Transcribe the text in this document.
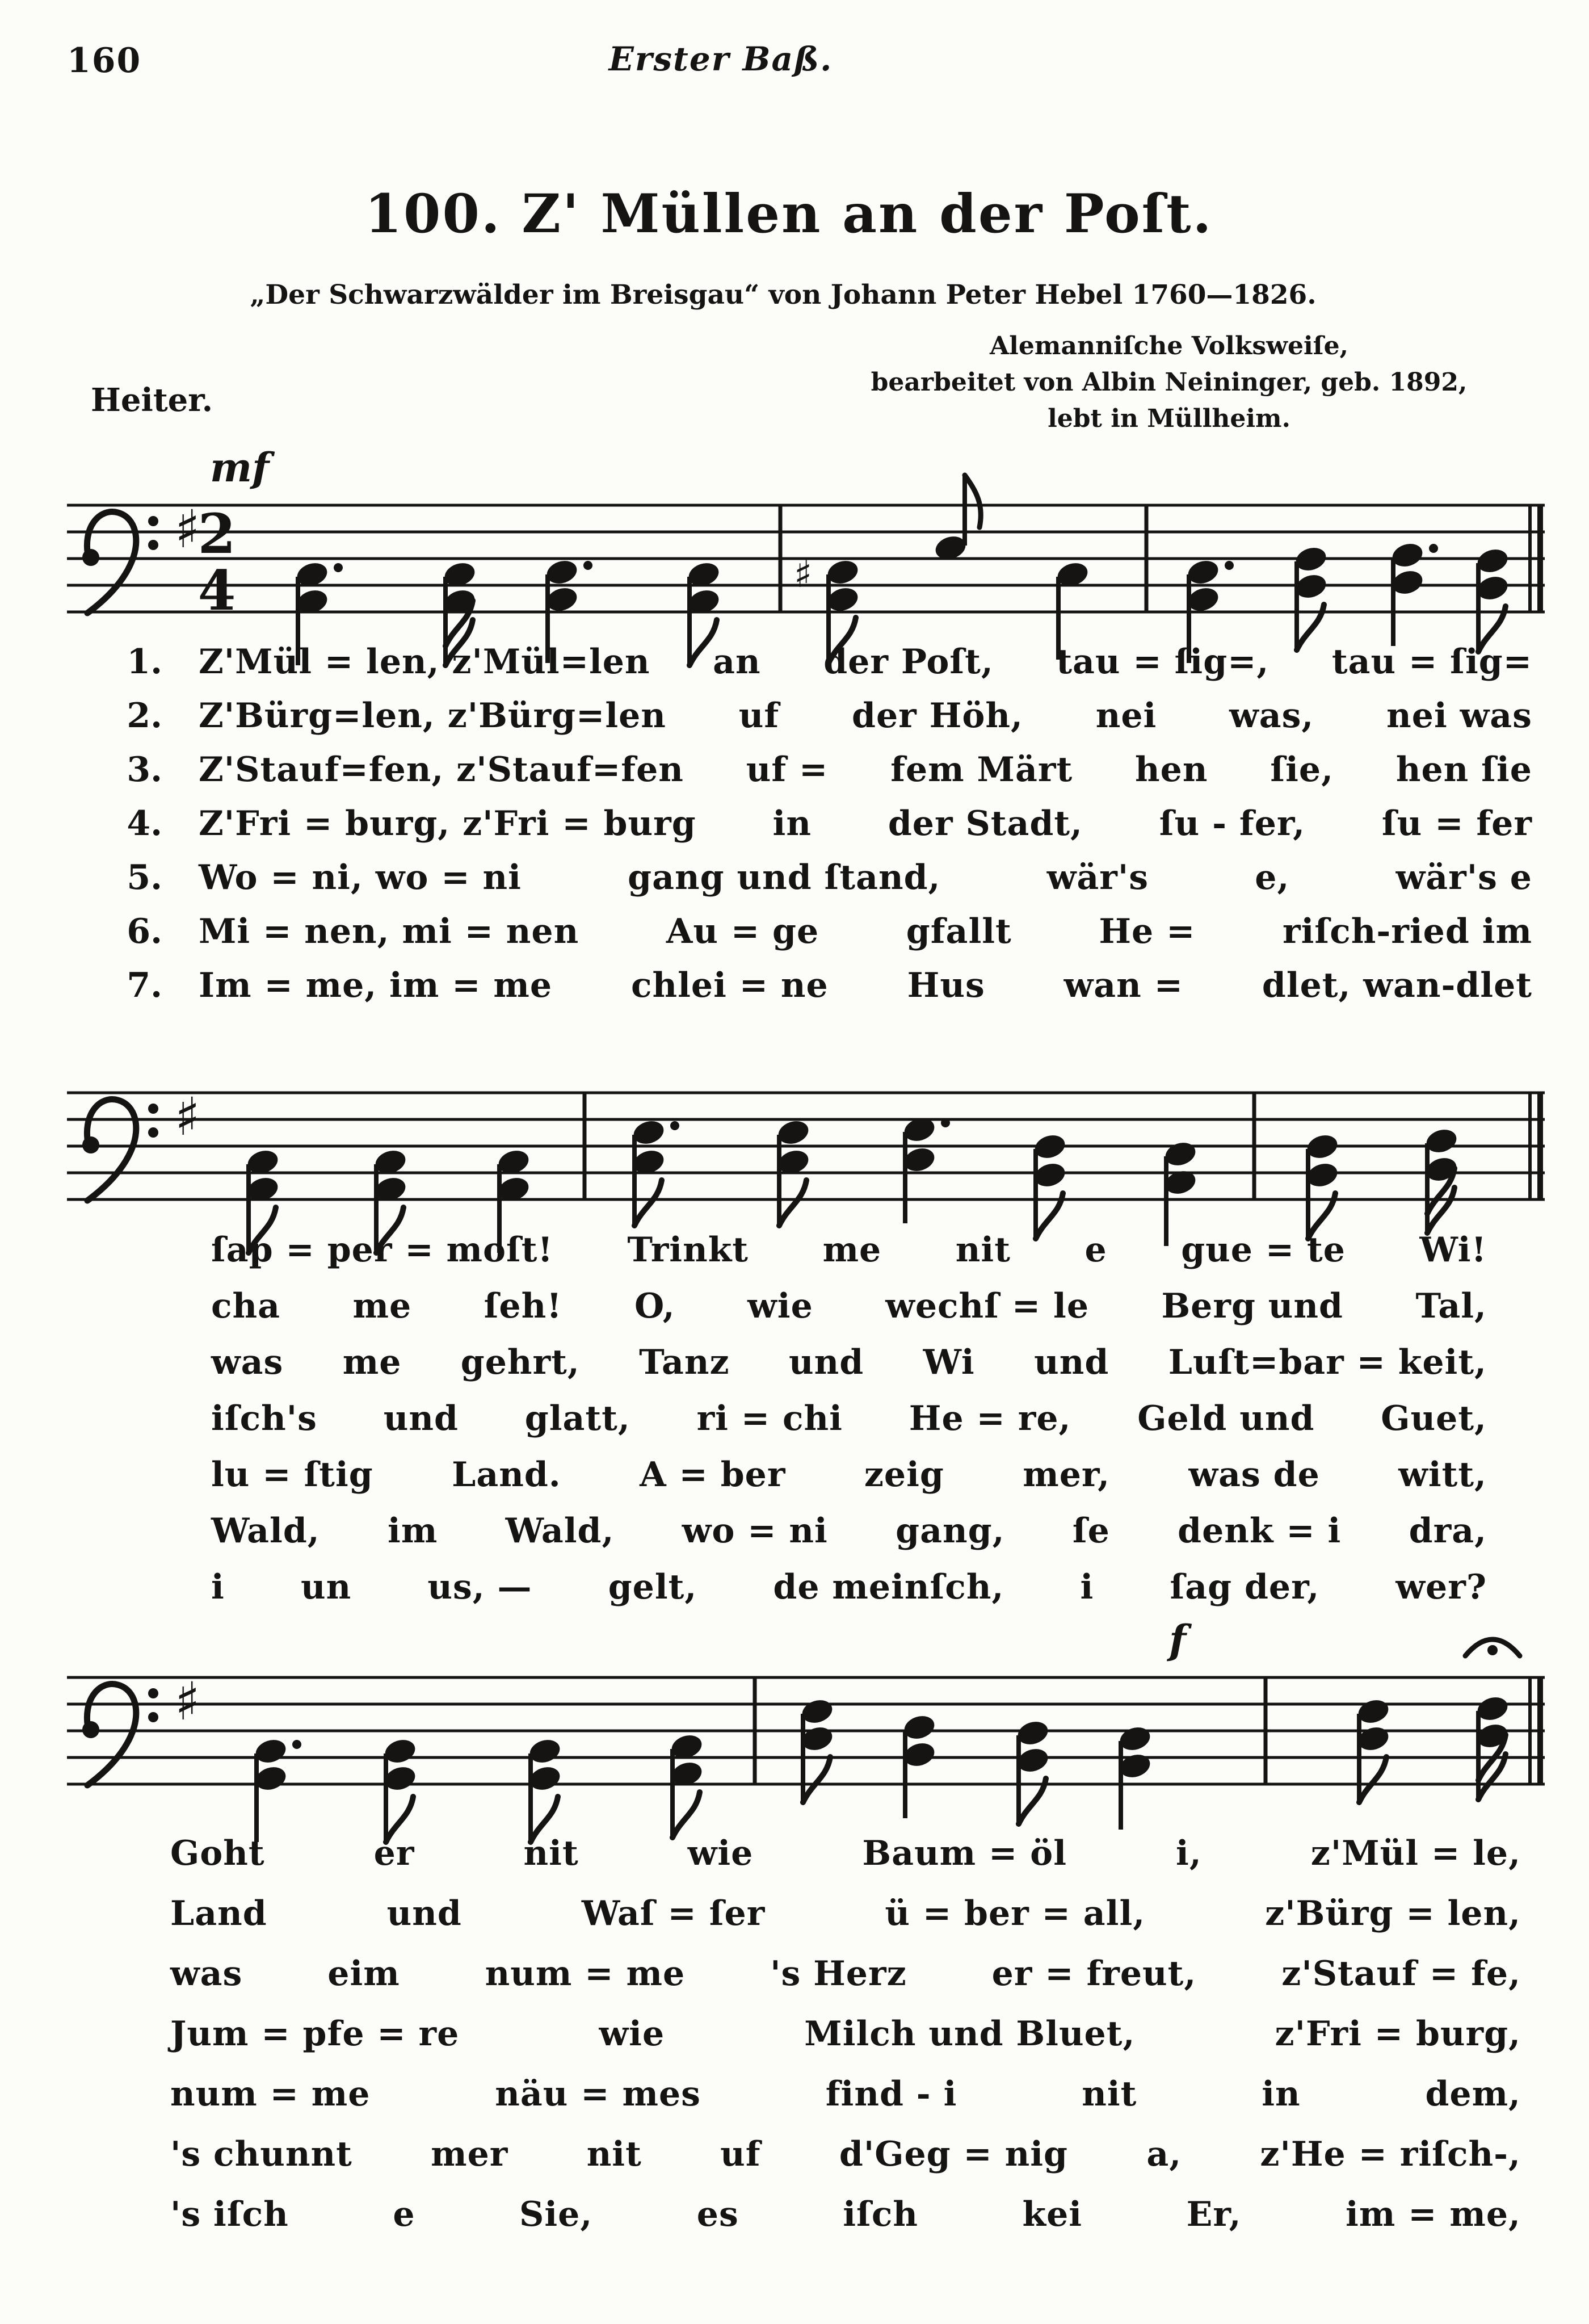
160	Erster Baß.
100. Z' Müllen an der Poſt.
„Der Schwarzwälder im Breisgau“ von Johann Peter Hebel 1760—1826.
Alemanniſche Volksweiſe,
bearbeitet von Albin Neininger, geb. 1892,
lebt in Müllheim.
Heiter.
♯
2
4
mf
♯
♯
♯
f
1.	Z'Mül = len, z'Mül=len an der Poſt, tau = ſig=, tau = ſig=
2.	Z'Bürg=len, z'Bürg=len uf der Höh, nei was, nei was
3.	Z'Stauf=fen, z'Stauf=fen uf = fem Märt hen ſie, hen ſie
4.	Z'Fri = burg, z'Fri = burg in der Stadt, ſu - fer, ſu = fer
5.	Wo = ni, wo = ni	gang und ſtand,	wär's	e,	wär's e
6.	Mi = nen, mi = nen	Au = ge	gfallt	He =	riſch-ried im
7.	Im = me, im = me chlei = ne Hus wan = dlet, wan-dlet
ſap = per = moſt! Trinkt me nit e gue = te Wi!
cha me ſeh! O, wie wechſ = le Berg und Tal,
was me gehrt, Tanz und Wi und Luſt=bar = keit,
iſch's und glatt, ri = chi He = re, Geld und Guet,
lu = ſtig Land. A = ber zeig mer, was de witt,
Wald, im Wald, wo = ni gang, ſe denk = i dra,
i un us, — gelt, de meinſch, i ſag der, wer?
Goht	er	nit	wie	Baum = öl	i,	z'Mül = le,
Land	und	Waſ = ſer	ü = ber = all,	z'Bürg = len,
was eim num = me 's Herz er = freut, z'Stauf = fe,
Jum = pfe = re	wie	Milch und Bluet,	z'Fri = burg,
num = me	näu = mes	find - i	nit	in	dem,
's chunnt mer nit uf d'Geg = nig a, z'He = riſch-,
's iſch	e	Sie,	es	iſch	kei	Er,	im = me,
